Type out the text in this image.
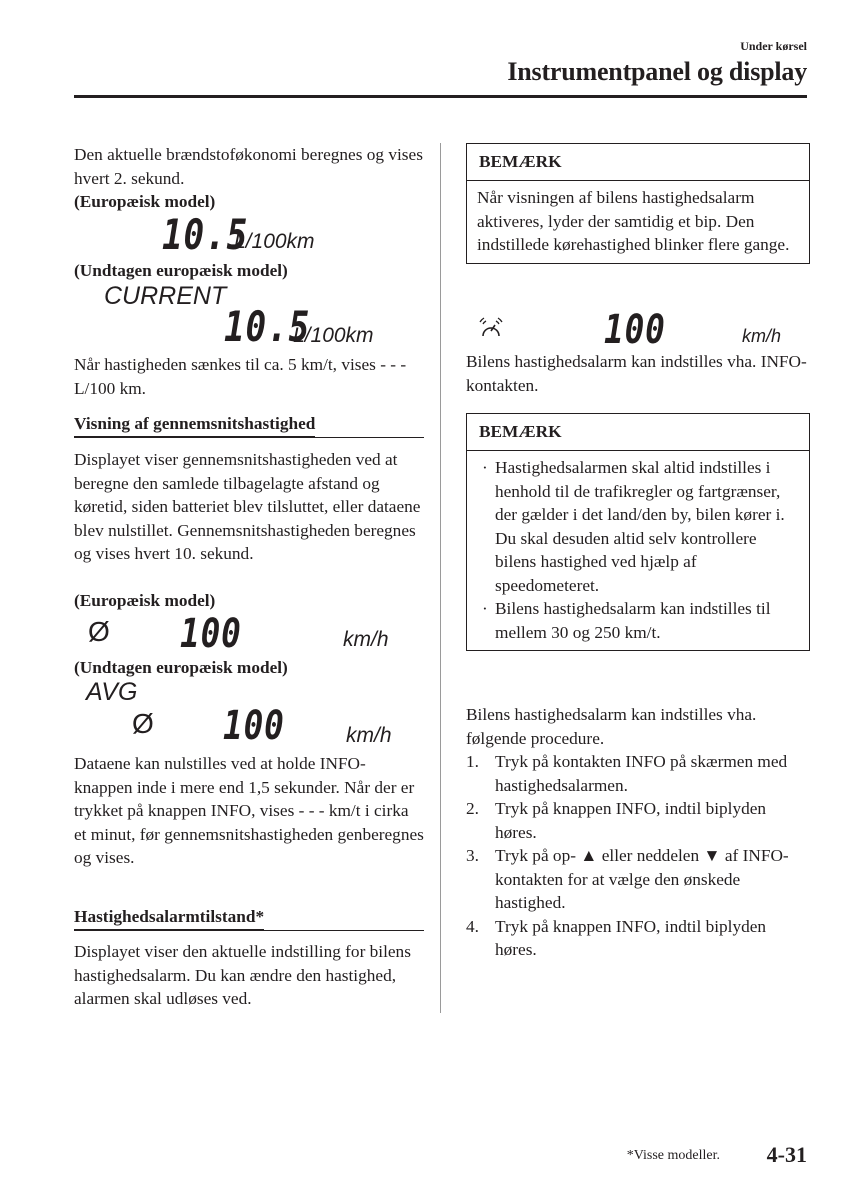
Under kørsel
Instrumentpanel og display

Den aktuelle brændstoføkonomi beregnes og vises hvert 2. sekund.

(Europæisk model)
10.5
L/100km
(Undtagen europæisk model)
CURRENT
10.5
L/100km

Når hastigheden sænkes til ca. 5 km/t, vises - - - L/100 km.

Visning af gennemsnitshastighed

Displayet viser gennemsnitshastigheden ved at beregne den samlede tilbagelagte afstand og køretid, siden batteriet blev tilsluttet, eller dataene blev nulstillet. Gennemsnitshastigheden beregnes og vises hvert 10. sekund.

(Europæisk model)
Ø 100	km/h
(Undtagen europæisk model)
AVG
Ø 100	km/h

Dataene kan nulstilles ved at holde INFO-knappen inde i mere end 1,5 sekunder. Når der er trykket på knappen INFO, vises - - - km/t i cirka et minut, før gennemsnitshastigheden genberegnes og vises.

Hastighedsalarmtilstand*

Displayet viser den aktuelle indstilling for bilens hastighedsalarm. Du kan ændre den hastighed, alarmen skal udløses ved.

BEMÆRK
Når visningen af bilens hastighedsalarm aktiveres, lyder der samtidig et bip. Den indstillede kørehastighed blinker flere gange.
100	km/h

Bilens hastighedsalarm kan indstilles vha. INFO-kontakten.

BEMÆRK
· Hastighedsalarmen skal altid indstilles i henhold til de trafikregler og fartgrænser, der gælder i det land/den by, bilen kører i. Du skal desuden altid selv kontrollere bilens hastighed ved hjælp af speedometeret.
· Bilens hastighedsalarm kan indstilles til mellem 30 og 250 km/t.

Bilens hastighedsalarm kan indstilles vha. følgende procedure.

1. Tryk på kontakten INFO på skærmen med hastighedsalarmen.
2. Tryk på knappen INFO, indtil biplyden høres.
3. Tryk på op- ▲ eller neddelen ▼ af INFO-kontakten for at vælge den ønskede hastighed.
4. Tryk på knappen INFO, indtil biplyden høres.
*Visse modeller. 4-31
